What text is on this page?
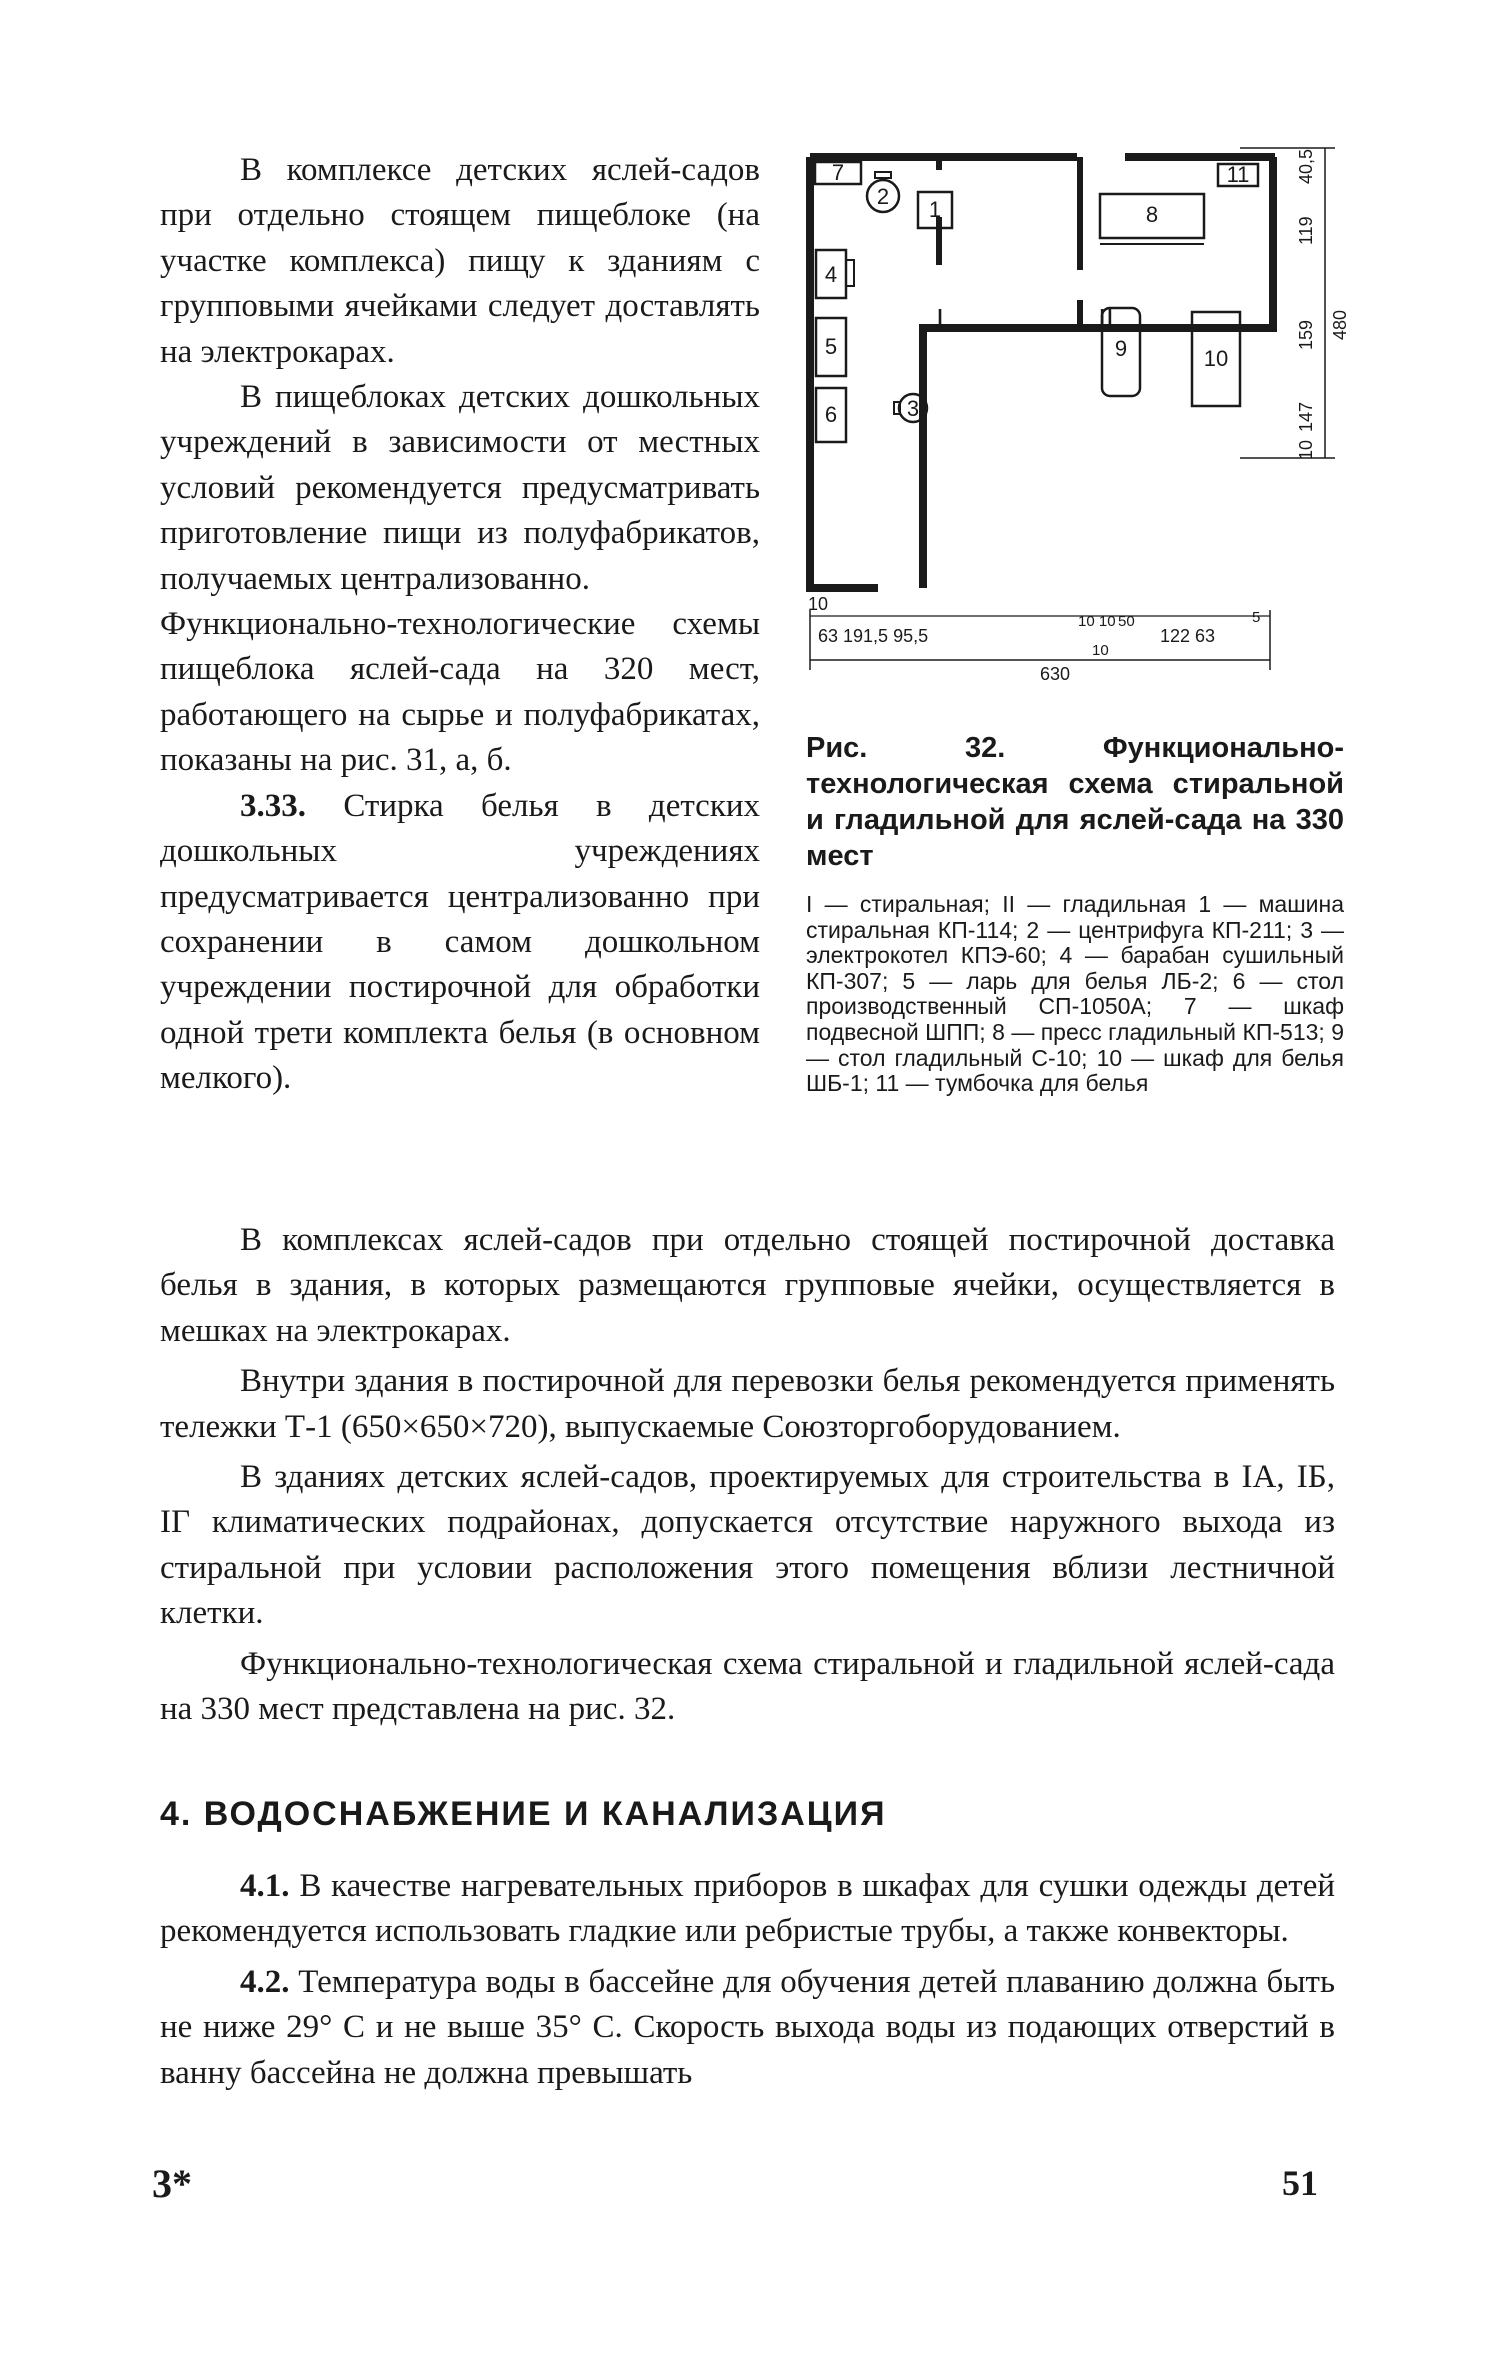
В комплексе детских яслей-садов при отдельно стоящем пищеблоке (на участке комплекса) пищу к зданиям с групповыми ячейками следует доставлять на электрокарах.

В пищеблоках детских дошкольных учреждений в зависимости от местных условий рекомендуется предусматривать приготовление пищи из полуфабрикатов, получаемых централизованно.

Функционально-технологические схемы пищеблока яслей-сада на 320 мест, работающего на сырье и полуфабрикатах, показаны на рис. 31, а, б.

3.33. Стирка белья в детских дошкольных учреждениях предусматривается централизованно при сохранении в самом дошкольном учреждении постирочной для обработки одной трети комплекта белья (в основном мелкого).

7
2
1
4
5
6	3
8
11
9	10
I	II
10
63 191,5 95,5
10 10 50
122 63
5
10
630
10
147
159
119
40,5
480

Рис. 32. Функционально-технологическая схема стиральной и гладильной для яслей-сада на 330 мест

I — стиральная; II — гладильная 1 — машина стиральная КП-114; 2 — центрифуга КП-211; 3 — электрокотел КПЭ-60; 4 — барабан сушильный КП-307; 5 — ларь для белья ЛБ-2; 6 — стол производственный СП-1050А; 7 — шкаф подвесной ШПП; 8 — пресс гладильный КП-513; 9 — стол гладильный С-10; 10 — шкаф для белья ШБ-1; 11 — тумбочка для белья

В комплексах яслей-садов при отдельно стоящей постирочной доставка белья в здания, в которых размещаются групповые ячейки, осуществляется в мешках на электрокарах.

Внутри здания в постирочной для перевозки белья рекомендуется применять тележки Т-1 (650×650×720), выпускаемые Союзторгоборудованием.

В зданиях детских яслей-садов, проектируемых для строительства в IА, IБ, IГ климатических подрайонах, допускается отсутствие наружного выхода из стиральной при условии расположения этого помещения вблизи лестничной клетки.

Функционально-технологическая схема стиральной и гладильной яслей-сада на 330 мест представлена на рис. 32.

4. ВОДОСНАБЖЕНИЕ И КАНАЛИЗАЦИЯ

4.1. В качестве нагревательных приборов в шкафах для сушки одежды детей рекомендуется использовать гладкие или ребристые трубы, а также конвекторы.

4.2. Температура воды в бассейне для обучения детей плаванию должна быть не ниже 29° С и не выше 35° С. Скорость выхода воды из подающих отверстий в ванну бассейна не должна превышать

3*	51
